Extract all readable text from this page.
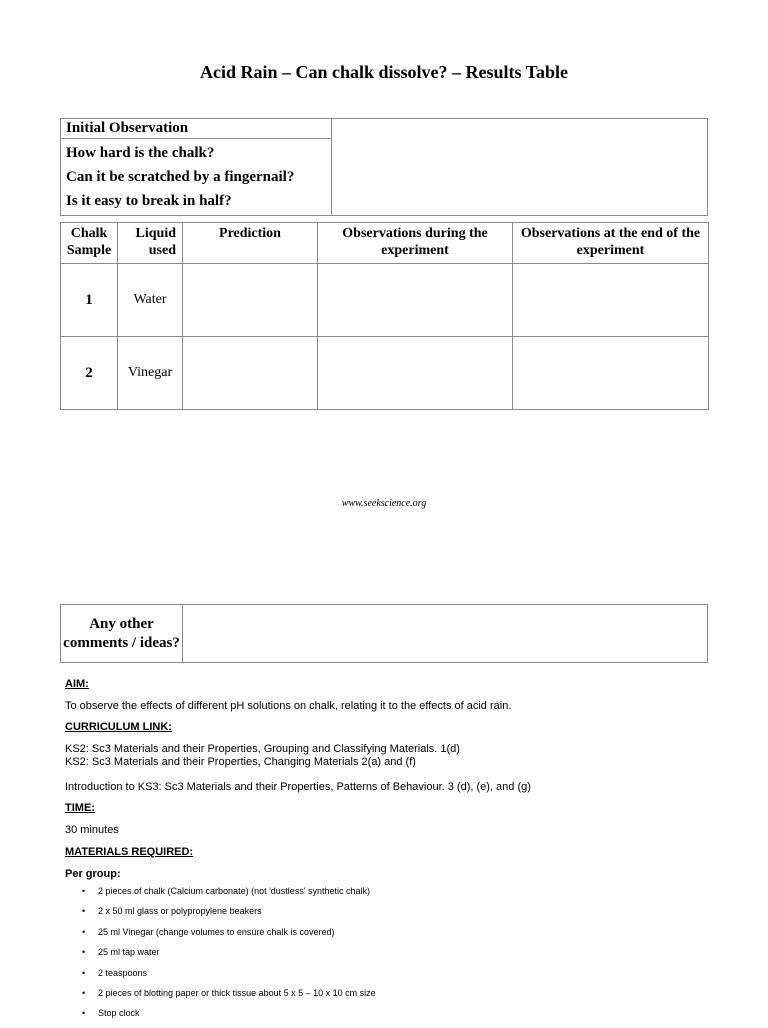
Acid Rain – Can chalk dissolve? – Results Table
Initial Observation	

How hard is the chalk?
Can it be scratched by a fingernail?
Is it easy to break in half?
Chalk Sample	Liquid used	Prediction	Observations during the experiment	Observations at the end of the experiment
1	Water			
2	Vinegar			
www.seekscience.org
Any other comments / ideas?	
AIM:
To observe the effects of different pH solutions on chalk, relating it to the effects of acid rain.
CURRICULUM LINK:
KS2: Sc3 Materials and their Properties, Grouping and Classifying Materials. 1(d)
KS2: Sc3 Materials and their Properties, Changing Materials 2(a) and (f)
Introduction to KS3: Sc3 Materials and their Properties, Patterns of Behaviour. 3 (d), (e), and (g)
TIME:
30 minutes
MATERIALS REQUIRED:
Per group:
• 2 pieces of chalk (Calcium carbonate) (not 'dustless' synthetic chalk)
• 2 x 50 ml glass or polypropylene beakers
• 25 ml Vinegar (change volumes to ensure chalk is covered)
• 25 ml tap water
• 2 teaspoons
• 2 pieces of blotting paper or thick tissue about 5 x 5 – 10 x 10 cm size
• Stop clock
